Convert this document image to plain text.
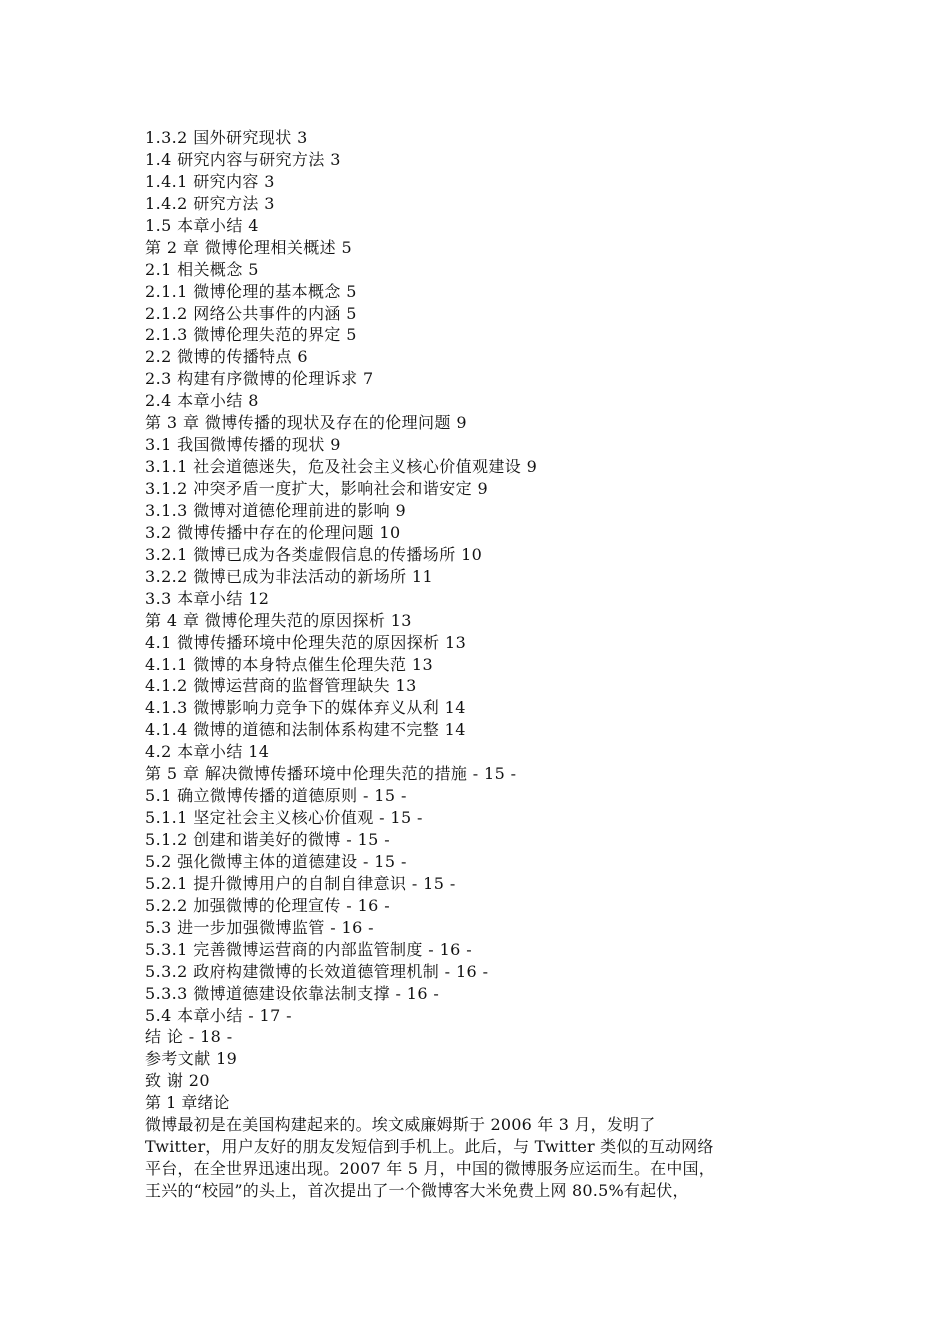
1.3.2 国外研究现状 3
1.4 研究内容与研究方法 3
1.4.1 研究内容 3
1.4.2 研究方法 3
1.5 本章小结 4
第 2 章 微博伦理相关概述 5
2.1 相关概念 5
2.1.1 微博伦理的基本概念 5
2.1.2 网络公共事件的内涵 5
2.1.3 微博伦理失范的界定 5
2.2 微博的传播特点 6
2.3 构建有序微博的伦理诉求 7
2.4 本章小结 8
第 3 章 微博传播的现状及存在的伦理问题 9
3.1 我国微博传播的现状 9
3.1.1 社会道德迷失，危及社会主义核心价值观建设 9
3.1.2 冲突矛盾一度扩大，影响社会和谐安定 9
3.1.3 微博对道德伦理前进的影响 9
3.2 微博传播中存在的伦理问题 10
3.2.1 微博已成为各类虚假信息的传播场所 10
3.2.2 微博已成为非法活动的新场所 11
3.3 本章小结 12
第 4 章 微博伦理失范的原因探析 13
4.1 微博传播环境中伦理失范的原因探析 13
4.1.1 微博的本身特点催生伦理失范 13
4.1.2 微博运营商的监督管理缺失 13
4.1.3 微博影响力竞争下的媒体弃义从利 14
4.1.4 微博的道德和法制体系构建不完整 14
4.2 本章小结 14
第 5 章 解决微博传播环境中伦理失范的措施 - 15 -
5.1 确立微博传播的道德原则 - 15 -
5.1.1 坚定社会主义核心价值观 - 15 -
5.1.2 创建和谐美好的微博 - 15 -
5.2 强化微博主体的道德建设 - 15 -
5.2.1 提升微博用户的自制自律意识 - 15 -
5.2.2 加强微博的伦理宣传 - 16 -
5.3 进一步加强微博监管 - 16 -
5.3.1 完善微博运营商的内部监管制度 - 16 -
5.3.2 政府构建微博的长效道德管理机制 - 16 -
5.3.3 微博道德建设依靠法制支撑 - 16 -
5.4 本章小结 - 17 -
结 论 - 18 -
参考文献 19
致 谢 20
第 1 章绪论
微博最初是在美国构建起来的。埃文威廉姆斯于 2006 年 3 月，发明了
Twitter，用户友好的朋友发短信到手机上。此后，与 Twitter 类似的互动网络
平台，在全世界迅速出现。2007 年 5 月，中国的微博服务应运而生。在中国，
王兴的“校园”的头上，首次提出了一个微博客大米免费上网 80.5%有起伏，
